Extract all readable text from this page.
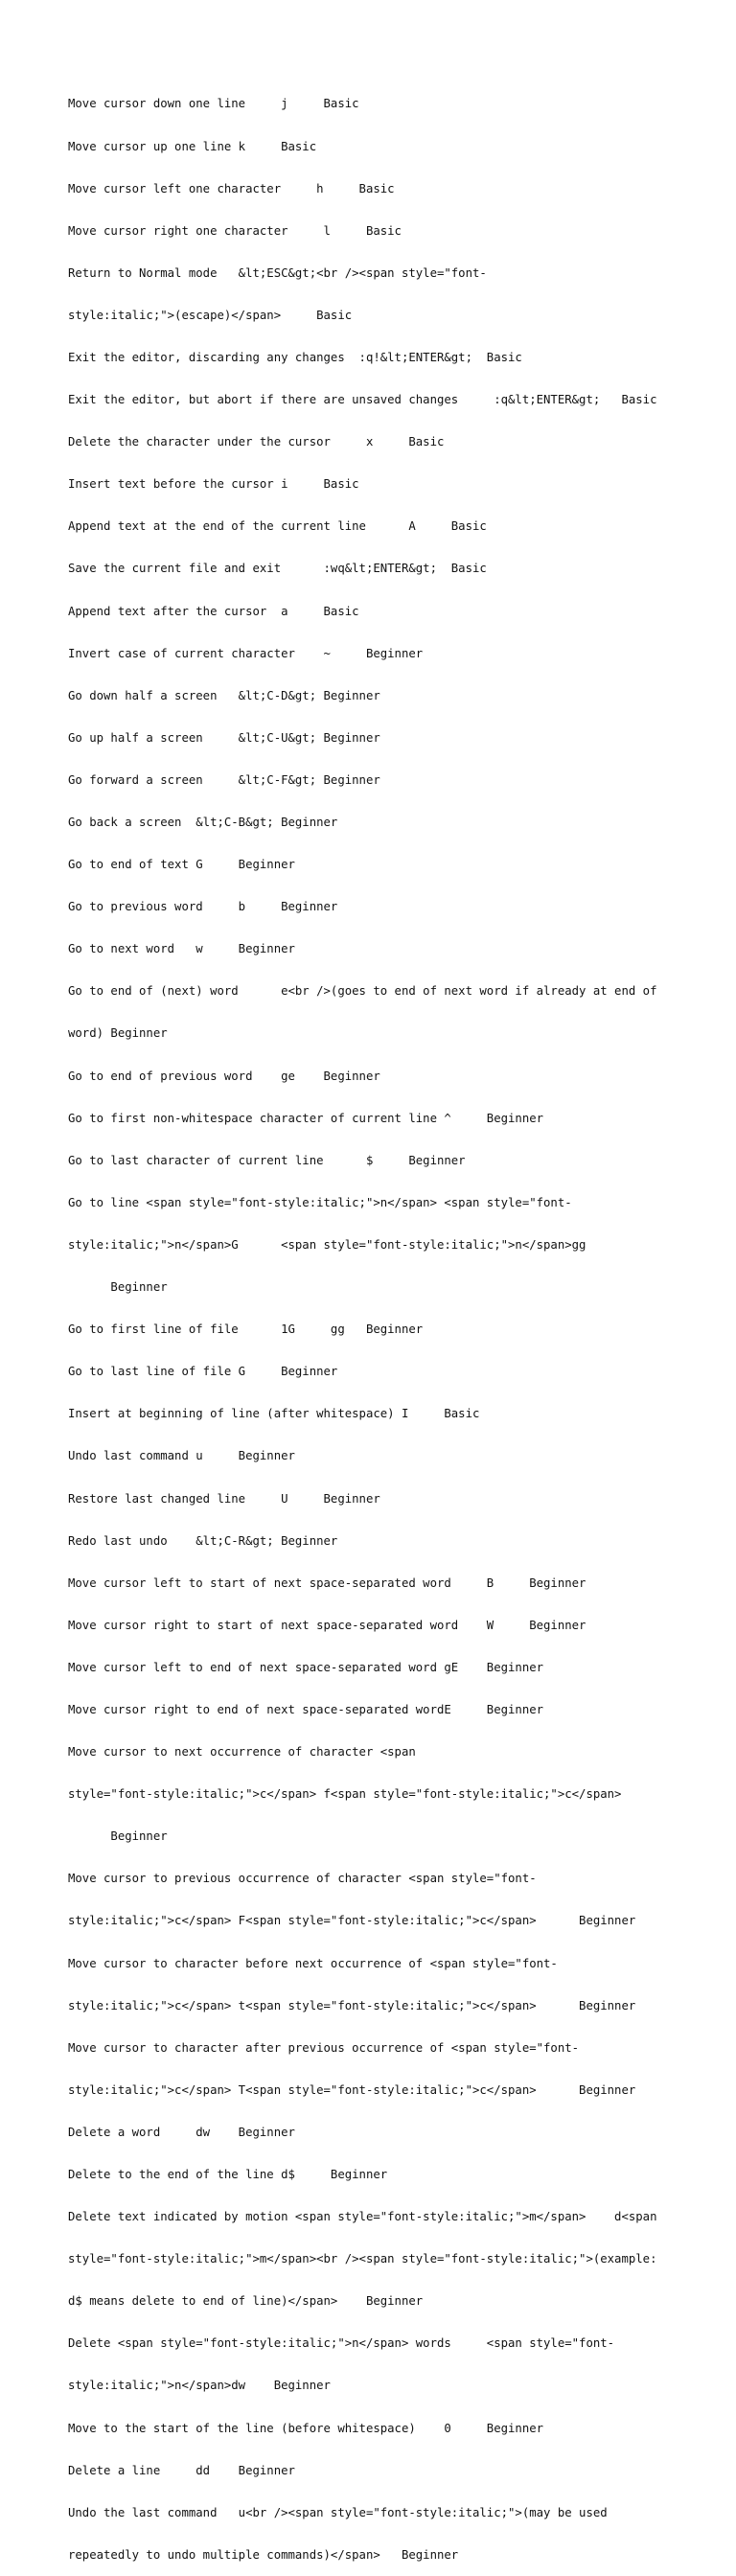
Move cursor down one line     j     Basic

Move cursor up one line k     Basic

Move cursor left one character     h     Basic

Move cursor right one character     l     Basic

Return to Normal mode   &lt;ESC&gt;<br /><span style="font-

style:italic;">(escape)</span>     Basic

Exit the editor, discarding any changes  :q!&lt;ENTER&gt;  Basic

Exit the editor, but abort if there are unsaved changes     :q&lt;ENTER&gt;   Basic

Delete the character under the cursor     x     Basic

Insert text before the cursor i     Basic

Append text at the end of the current line      A     Basic

Save the current file and exit      :wq&lt;ENTER&gt;  Basic

Append text after the cursor  a     Basic

Invert case of current character    ~     Beginner

Go down half a screen   &lt;C-D&gt; Beginner

Go up half a screen     &lt;C-U&gt; Beginner

Go forward a screen     &lt;C-F&gt; Beginner

Go back a screen  &lt;C-B&gt; Beginner

Go to end of text G     Beginner

Go to previous word     b     Beginner

Go to next word   w     Beginner

Go to end of (next) word      e<br />(goes to end of next word if already at end of

word) Beginner

Go to end of previous word    ge    Beginner

Go to first non-whitespace character of current line ^     Beginner

Go to last character of current line      $     Beginner

Go to line <span style="font-style:italic;">n</span> <span style="font-

style:italic;">n</span>G      <span style="font-style:italic;">n</span>gg

Beginner

Go to first line of file      1G     gg   Beginner

Go to last line of file G     Beginner

Insert at beginning of line (after whitespace) I     Basic

Undo last command u     Beginner

Restore last changed line     U     Beginner

Redo last undo    &lt;C-R&gt; Beginner

Move cursor left to start of next space-separated word     B     Beginner

Move cursor right to start of next space-separated word    W     Beginner

Move cursor left to end of next space-separated word gE    Beginner

Move cursor right to end of next space-separated wordE     Beginner

Move cursor to next occurrence of character <span

style="font-style:italic;">c</span> f<span style="font-style:italic;">c</span>

Beginner

Move cursor to previous occurrence of character <span style="font-

style:italic;">c</span> F<span style="font-style:italic;">c</span>      Beginner

Move cursor to character before next occurrence of <span style="font-

style:italic;">c</span> t<span style="font-style:italic;">c</span>      Beginner

Move cursor to character after previous occurrence of <span style="font-

style:italic;">c</span> T<span style="font-style:italic;">c</span>      Beginner

Delete a word     dw    Beginner

Delete to the end of the line d$     Beginner

Delete text indicated by motion <span style="font-style:italic;">m</span>    d<span

style="font-style:italic;">m</span><br /><span style="font-style:italic;">(example:

d$ means delete to end of line)</span>    Beginner

Delete <span style="font-style:italic;">n</span> words     <span style="font-

style:italic;">n</span>dw    Beginner

Move to the start of the line (before whitespace)    0     Beginner

Delete a line     dd    Beginner

Undo the last command   u<br /><span style="font-style:italic;">(may be used

repeatedly to undo multiple commands)</span>   Beginner
